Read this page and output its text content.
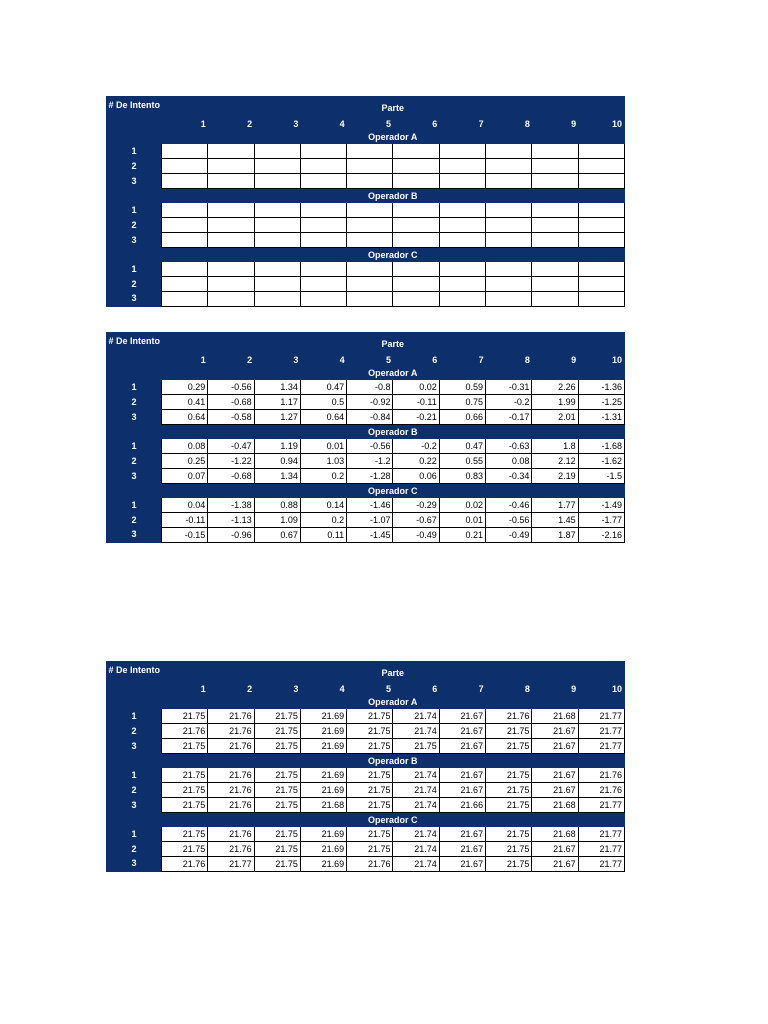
# De Intento	Parte									
	1	2	3	4	5	6	7	8	9	10
	Operador A									
1										
2										
3										
	Operador B									
1										
2										
3										
	Operador C									
1										
2										
3										
# De Intento	Parte									
	1	2	3	4	5	6	7	8	9	10
	Operador A									
1	0.29	-0.56	1.34	0.47	-0.8	0.02	0.59	-0.31	2.26	-1.36
2	0.41	-0.68	1.17	0.5	-0.92	-0.11	0.75	-0.2	1.99	-1.25
3	0.64	-0.58	1.27	0.64	-0.84	-0.21	0.66	-0.17	2.01	-1.31
	Operador B									
1	0.08	-0.47	1.19	0.01	-0.56	-0.2	0.47	-0.63	1.8	-1.68
2	0.25	-1.22	0.94	1.03	-1.2	0.22	0.55	0.08	2.12	-1.62
3	0.07	-0.68	1.34	0.2	-1.28	0.06	0.83	-0.34	2.19	-1.5
	Operador C									
1	0.04	-1.38	0.88	0.14	-1.46	-0.29	0.02	-0.46	1.77	-1.49
2	-0.11	-1.13	1.09	0.2	-1.07	-0.67	0.01	-0.56	1.45	-1.77
3	-0.15	-0.96	0.67	0.11	-1.45	-0.49	0.21	-0.49	1.87	-2.16
# De Intento	Parte									
	1	2	3	4	5	6	7	8	9	10
	Operador A									
1	21.75	21.76	21.75	21.69	21.75	21.74	21.67	21.76	21.68	21.77
2	21.76	21.76	21.75	21.69	21.75	21.74	21.67	21.75	21.67	21.77
3	21.75	21.76	21.75	21.69	21.75	21.75	21.67	21.75	21.67	21.77
	Operador B									
1	21.75	21.76	21.75	21.69	21.75	21.74	21.67	21.75	21.67	21.76
2	21.75	21.76	21.75	21.69	21.75	21.74	21.67	21.75	21.67	21.76
3	21.75	21.76	21.75	21.68	21.75	21.74	21.66	21.75	21.68	21.77
	Operador C									
1	21.75	21.76	21.75	21.69	21.75	21.74	21.67	21.75	21.68	21.77
2	21.75	21.76	21.75	21.69	21.75	21.74	21.67	21.75	21.67	21.77
3	21.76	21.77	21.75	21.69	21.76	21.74	21.67	21.75	21.67	21.77
